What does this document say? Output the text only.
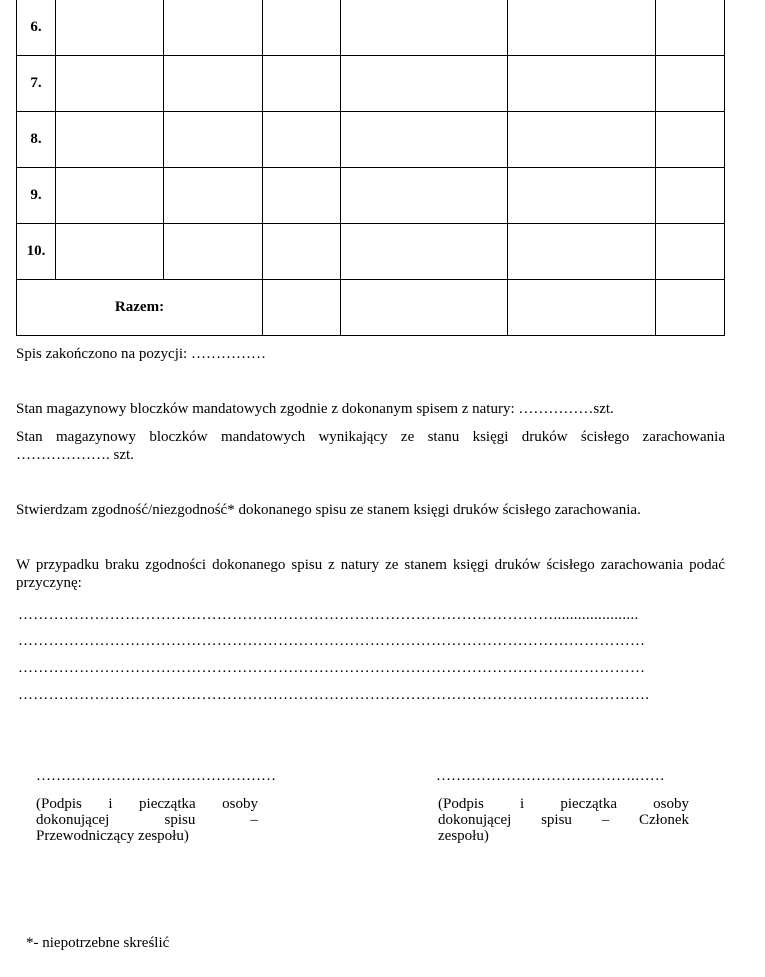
6.						
7.						
8.						
9.						
10.						
Razem:						
Spis zakończono na pozycji: ……………
Stan magazynowy bloczków mandatowych zgodnie z dokonanym spisem z natury: ……………szt.
Stan magazynowy bloczków mandatowych wynikający ze stanu księgi druków ścisłego zarachowania ………………. szt.
Stwierdzam zgodność/niezgodność* dokonanego spisu ze stanem księgi druków ścisłego zarachowania.
W przypadku braku zgodności dokonanego spisu z natury ze stanem księgi druków ścisłego zarachowania podać przyczynę:
…………………………………………………………………………………………….....................
……………………………………………………………………………………………………………
……………………………………………………………………………………………………………
…………………………………………………………………………………………………………….
…………………………………………
(Podpis i pieczątka osoby
dokonującej spisu –
Przewodniczący zespołu)
………………………………….……
(Podpis i pieczątka osoby
dokonującej spisu – Członek
zespołu)
*- niepotrzebne skreślić
